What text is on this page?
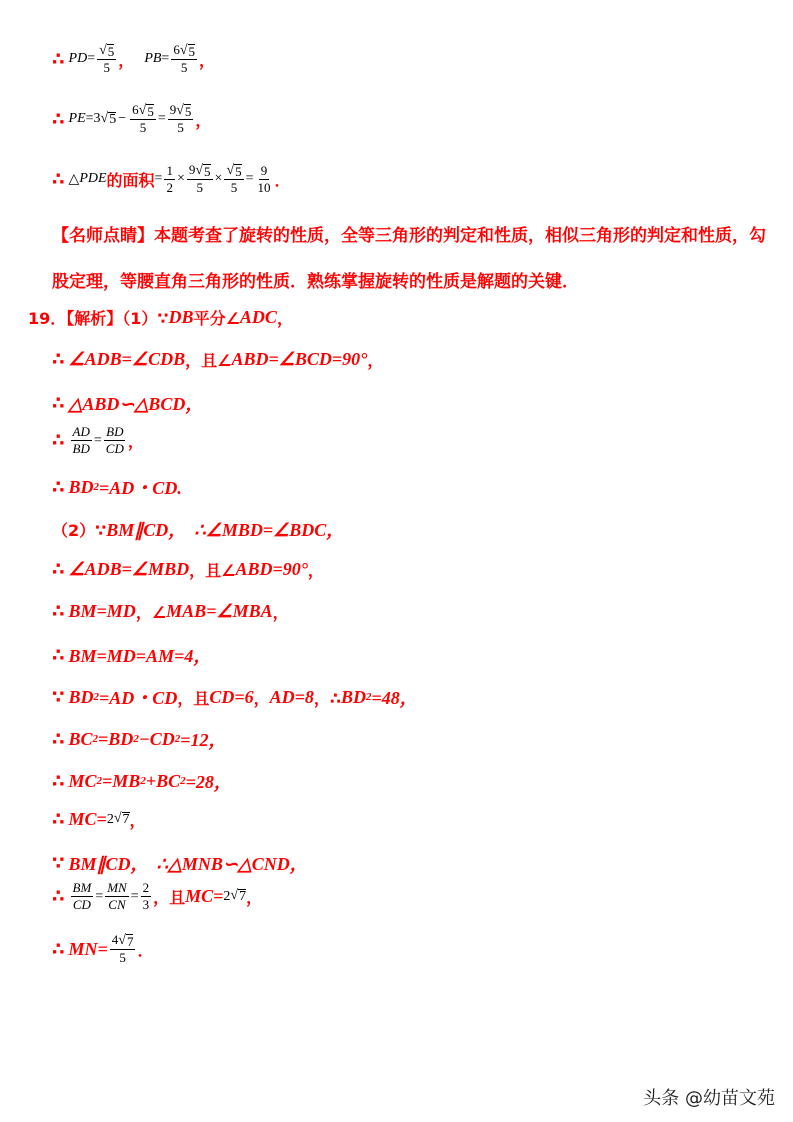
∴ PD = $\frac{√ 5}{5}$ ， PB = $\frac{6 √ 5}{5}$ ，
∴ PE = 3 √ $5 - \frac{6 √ 5}{5} = \frac{9 √ 5}{5}$ ，
∴ △ PDE 的面积 = $\frac{1}{2} \times \frac{9 √ 5}{5} \times \frac{√ 5}{5} = \frac{9}{10}$ ．
【名师点睛】本题考查了旋转的性质，全等三角形的判定和性质，相似三角形的判定和性质，勾股定理，等腰直角三角形的性质．熟练掌握旋转的性质是解题的关键．
19．【解析】（1）∵ DB 平分∠ ADC ，
∴ ∠ADB=∠CDB ，且∠ ABD=∠BCD=90° ，
∴ △ABD∽△BCD，
∴ $\frac{AD}{BD} = \frac{BD}{CD}$ ，
∴ BD 2 =AD・CD.
（2）∵ BM∥CD， ∴∠MBD=∠BDC，
∴ ∠ADB=∠MBD ，且∠ ABD=90° ，
∴ BM=MD ，∠ MAB=∠MBA ，
∴ BM=MD=AM=4，
∵ BD 2 =AD・CD ，且 CD=6 ， AD=8 ，∴ BD 2 =48，
∴ BC 2 =BD 2 −CD 2 =12，
∴ MC 2 =MB 2 +BC 2 =28，
∴ MC= 2 √ 7 ，
∵ BM∥CD， ∴△MNB∽△CND，
∴ $\frac{BM}{CD} = \frac{MN}{CN} = \frac{2}{3}$ ，且 MC= 2 √ 7 ，
∴ $MN= \frac{4 √ 7}{5}$ ．
头条 @幼苗文苑
